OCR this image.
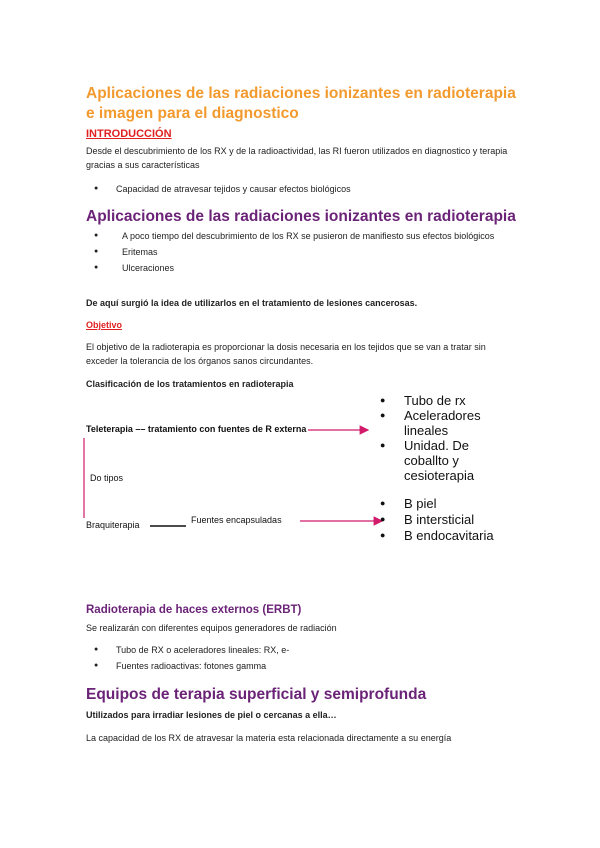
Aplicaciones de las radiaciones ionizantes en radioterapia e imagen para el diagnostico
INTRODUCCIÓN
Desde el descubrimiento de los RX y de la radioactividad, las RI fueron utilizados en diagnostico y terapia gracias a sus características
● Capacidad de atravesar tejidos y causar efectos biológicos
Aplicaciones de las radiaciones ionizantes en radioterapia
● A poco tiempo del descubrimiento de los RX se pusieron de manifiesto sus efectos biológicos
● Eritemas
● Ulceraciones
De aquí surgió la idea de utilizarlos en el tratamiento de lesiones cancerosas.
Objetivo
El objetivo de la radioterapia es proporcionar la dosis necesaria en los tejidos que se van a tratar sin exceder la tolerancia de los órganos sanos circundantes.
Clasificación de los tratamientos en radioterapia
Teleterapia –– tratamiento con fuentes de R externa
Do tipos
Braquiterapia	Fuentes encapsuladas
● Tubo de rx
● Aceleradores lineales
● Unidad. De coballto y cesioterapia
● B piel
● B intersticial
● B endocavitaria
Radioterapia de haces externos (ERBT)
Se realizarán con diferentes equipos generadores de radiación
● Tubo de RX o aceleradores lineales: RX, e-
● Fuentes radioactivas: fotones gamma
Equipos de terapia superficial y semiprofunda
Utilizados para irradiar lesiones de piel o cercanas a ella…
La capacidad de los RX de atravesar la materia esta relacionada directamente a su energía
